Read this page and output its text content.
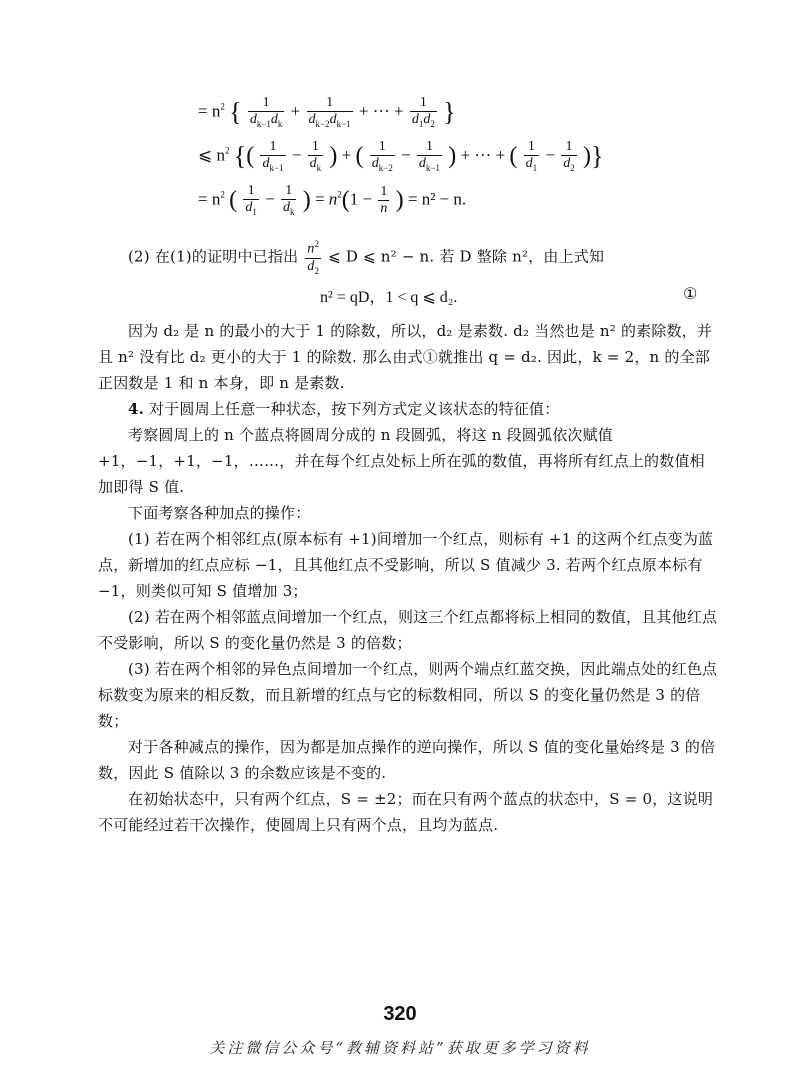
= $n^2$ { $\frac{1}{d_{k-1}d_k} + \frac{1}{d_{k-2}d_{k-1}}$ + ··· + $\frac{1}{d_1d_2}$ }
⩽ $n^2$ {( $\frac{1}{d_{k-1}} - \frac{1}{d_k}$ ) + ( $\frac{1}{d_{k-2}} - \frac{1}{d_{k-1}}$ ) + ··· + ( $\frac{1}{d_1} - \frac{1}{d_2}$ )}
= $n^2$ ( $\frac{1}{d_1} - \frac{1}{d_k}$ ) = $n^2(1 - \frac{1}{n}$ ) = n² − n.
(2) 在(1)的证明中已指出 $\frac{n^2}{d_2}$ ⩽ D ⩽ n² − n. 若 D 整除 n²，由上式知
n² = qD，1 < q ⩽ d₂.	①
因为 d₂ 是 n 的最小的大于 1 的除数，所以，d₂ 是素数. d₂ 当然也是 n² 的素除数，并且 n² 没有比 d₂ 更小的大于 1 的除数. 那么由式①就推出 q = d₂. 因此，k = 2，n 的全部正因数是 1 和 n 本身，即 n 是素数.
4. 对于圆周上任意一种状态，按下列方式定义该状态的特征值：
考察圆周上的 n 个蓝点将圆周分成的 n 段圆弧，将这 n 段圆弧依次赋值 +1，−1，+1，−1，……，并在每个红点处标上所在弧的数值，再将所有红点上的数值相加即得 S 值.
下面考察各种加点的操作：
(1) 若在两个相邻红点(原本标有 +1)间增加一个红点，则标有 +1 的这两个红点变为蓝点，新增加的红点应标 −1，且其他红点不受影响，所以 S 值减少 3. 若两个红点原本标有 −1，则类似可知 S 值增加 3；
(2) 若在两个相邻蓝点间增加一个红点，则这三个红点都将标上相同的数值，且其他红点不受影响，所以 S 的变化量仍然是 3 的倍数；
(3) 若在两个相邻的异色点间增加一个红点，则两个端点红蓝交换，因此端点处的红色点标数变为原来的相反数，而且新增的红点与它的标数相同，所以 S 的变化量仍然是 3 的倍数；
对于各种减点的操作，因为都是加点操作的逆向操作，所以 S 值的变化量始终是 3 的倍数，因此 S 值除以 3 的余数应该是不变的.
在初始状态中，只有两个红点，S = ±2；而在只有两个蓝点的状态中，S = 0，这说明不可能经过若干次操作，使圆周上只有两个点，且均为蓝点.
320
关注微信公众号“教辅资料站”获取更多学习资料
